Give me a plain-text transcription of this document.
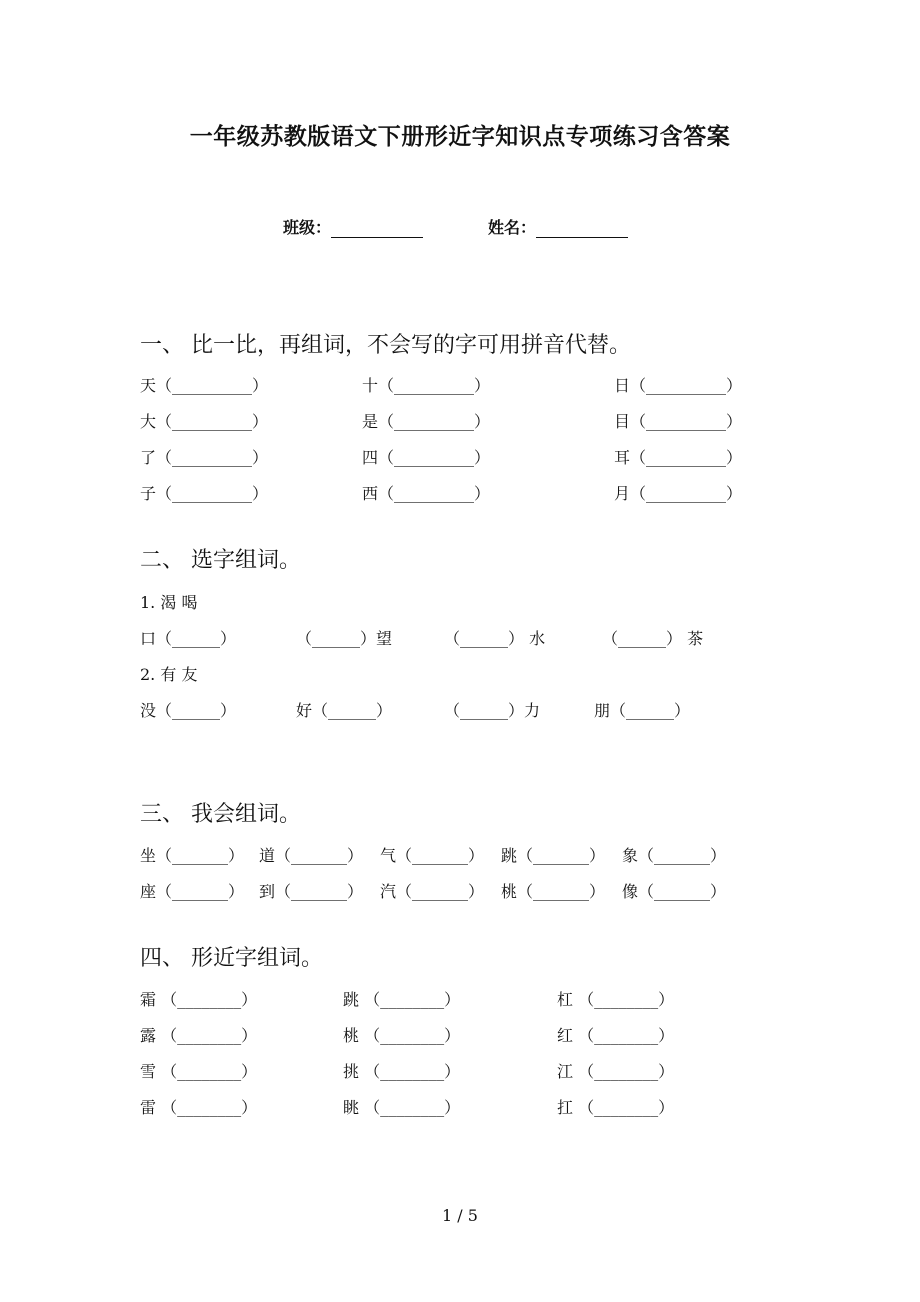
一年级苏教版语文下册形近字知识点专项练习含答案
班级：	姓名：
一、 比一比，再组词，不会写的字可用拼音代替。
天（__________）	十（__________）	日（__________）
大（__________）	是（__________）	目（__________）
了（__________）	四（__________）	耳（__________）
子（__________）	西（__________）	月（__________）
二、 选字组词。
1. 渴 喝
口（______）	（______）望	（______） 水	（______） 茶
2. 有 友
没（______）	好（______）	（______）力	朋（______）
三、 我会组词。
坐（_______） 道（_______） 气（_______） 跳（_______） 象（_______）
座（_______） 到（_______） 汽（_______） 桃（_______） 像（_______）
四、 形近字组词。
霜 （________）	跳 （________）	杠 （________）
露 （________）	桃 （________）	红 （________）
雪 （________）	挑 （________）	江 （________）
雷 （________）	眺 （________）	扛 （________）
1 / 5
